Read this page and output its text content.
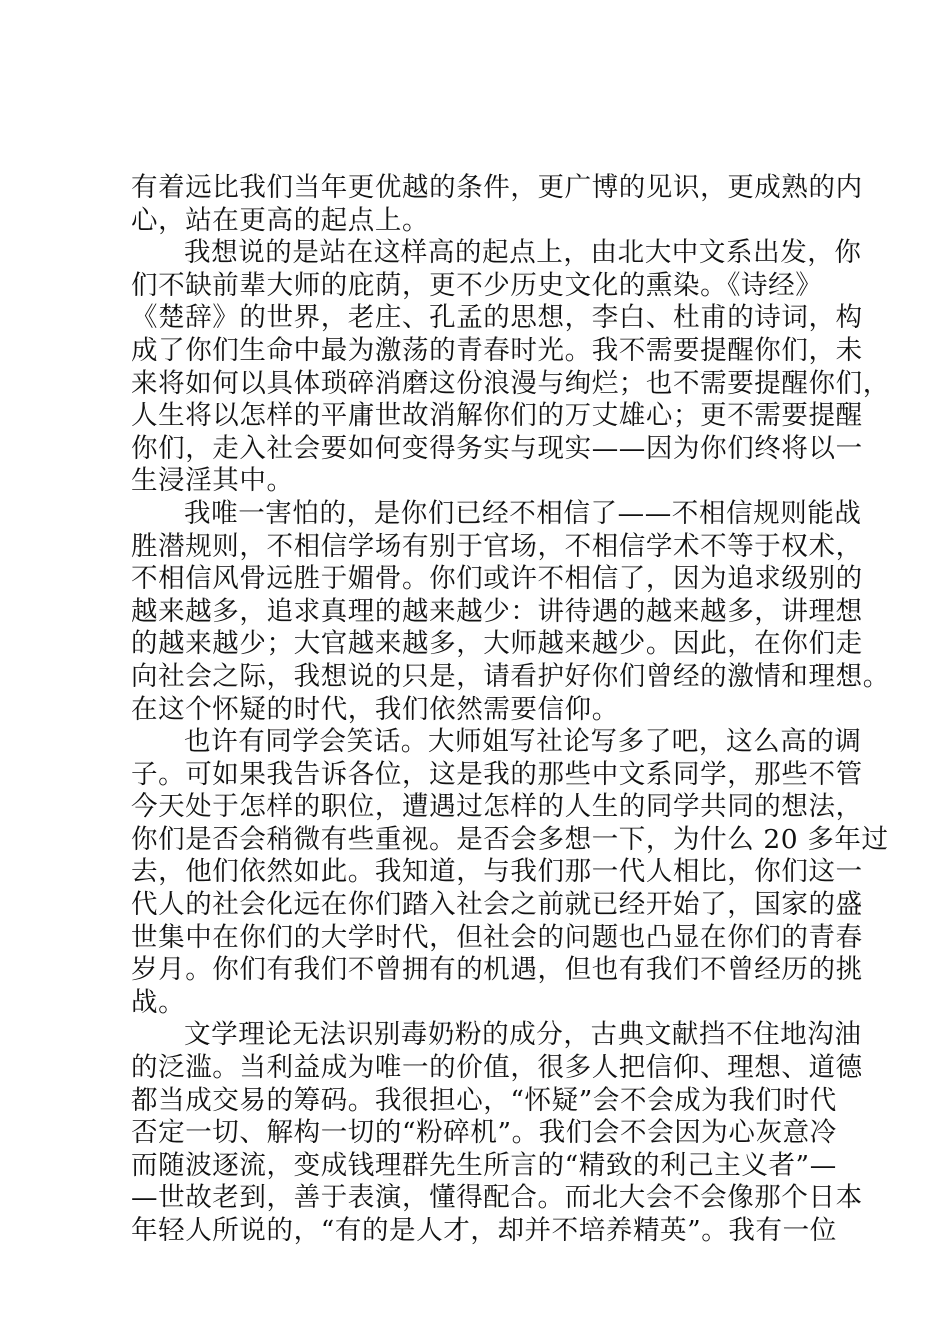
有着远比我们当年更优越的条件，更广博的见识，更成熟的内
心，站在更高的起点上。
我想说的是站在这样高的起点上，由北大中文系出发，你
们不缺前辈大师的庇荫，更不少历史文化的熏染。《诗经》
《楚辞》的世界，老庄、孔孟的思想，李白、杜甫的诗词，构
成了你们生命中最为激荡的青春时光。我不需要提醒你们，未
来将如何以具体琐碎消磨这份浪漫与绚烂；也不需要提醒你们，
人生将以怎样的平庸世故消解你们的万丈雄心；更不需要提醒
你们，走入社会要如何变得务实与现实——因为你们终将以一
生浸淫其中。
我唯一害怕的，是你们已经不相信了——不相信规则能战
胜潜规则，不相信学场有别于官场，不相信学术不等于权术，
不相信风骨远胜于媚骨。你们或许不相信了，因为追求级别的
越来越多，追求真理的越来越少：讲待遇的越来越多，讲理想
的越来越少；大官越来越多，大师越来越少。因此，在你们走
向社会之际，我想说的只是，请看护好你们曾经的激情和理想。
在这个怀疑的时代，我们依然需要信仰。
也许有同学会笑话。大师姐写社论写多了吧，这么高的调
子。可如果我告诉各位，这是我的那些中文系同学，那些不管
今天处于怎样的职位，遭遇过怎样的人生的同学共同的想法，
你们是否会稍微有些重视。是否会多想一下，为什么 20 多年过
去，他们依然如此。我知道，与我们那一代人相比，你们这一
代人的社会化远在你们踏入社会之前就已经开始了，国家的盛
世集中在你们的大学时代，但社会的问题也凸显在你们的青春
岁月。你们有我们不曾拥有的机遇，但也有我们不曾经历的挑
战。
文学理论无法识别毒奶粉的成分，古典文献挡不住地沟油
的泛滥。当利益成为唯一的价值，很多人把信仰、理想、道德
都当成交易的筹码。我很担心，“怀疑”会不会成为我们时代
否定一切、解构一切的“粉碎机”。我们会不会因为心灰意冷
而随波逐流，变成钱理群先生所言的“精致的利己主义者”—
—世故老到，善于表演，懂得配合。而北大会不会像那个日本
年轻人所说的，“有的是人才，却并不培养精英”。我有一位
